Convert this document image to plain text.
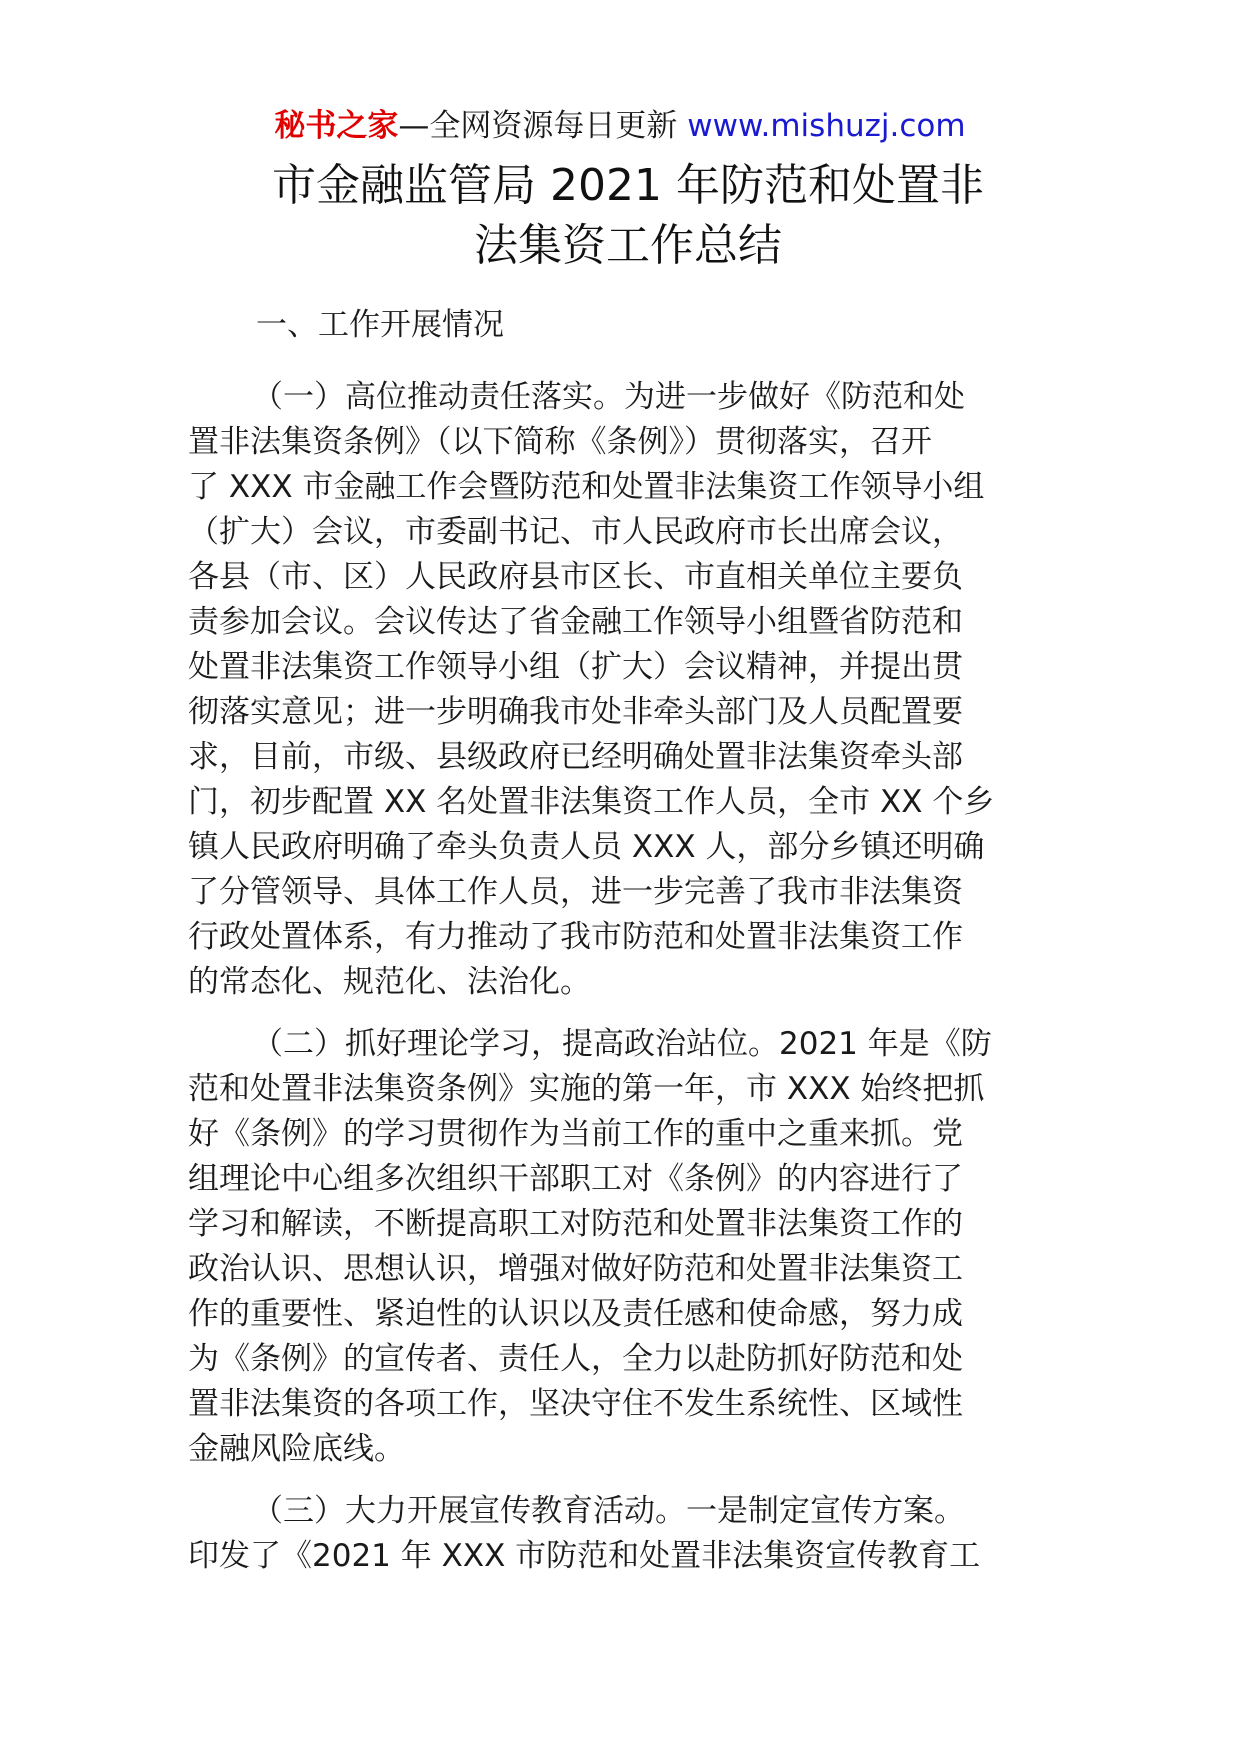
秘书之家—全网资源每日更新 www.mishuzj.com
市金融监管局 2021 年防范和处置非
法集资工作总结
一、工作开展情况
（一）高位推动责任落实。为进一步做好《防范和处
置非法集资条例》（以下简称《条例》）贯彻落实，召开
了 XXX 市金融工作会暨防范和处置非法集资工作领导小组
（扩大）会议，市委副书记、市人民政府市长出席会议，
各县（市、区）人民政府县市区长、市直相关单位主要负
责参加会议。会议传达了省金融工作领导小组暨省防范和
处置非法集资工作领导小组（扩大）会议精神，并提出贯
彻落实意见；进一步明确我市处非牵头部门及人员配置要
求，目前，市级、县级政府已经明确处置非法集资牵头部
门，初步配置 XX 名处置非法集资工作人员，全市 XX 个乡
镇人民政府明确了牵头负责人员 XXX 人，部分乡镇还明确
了分管领导、具体工作人员，进一步完善了我市非法集资
行政处置体系，有力推动了我市防范和处置非法集资工作
的常态化、规范化、法治化。
（二）抓好理论学习，提高政治站位。2021 年是《防
范和处置非法集资条例》实施的第一年，市 XXX 始终把抓
好《条例》的学习贯彻作为当前工作的重中之重来抓。党
组理论中心组多次组织干部职工对《条例》的内容进行了
学习和解读，不断提高职工对防范和处置非法集资工作的
政治认识、思想认识，增强对做好防范和处置非法集资工
作的重要性、紧迫性的认识以及责任感和使命感，努力成
为《条例》的宣传者、责任人，全力以赴防抓好防范和处
置非法集资的各项工作，坚决守住不发生系统性、区域性
金融风险底线。
（三）大力开展宣传教育活动。一是制定宣传方案。
印发了《2021 年 XXX 市防范和处置非法集资宣传教育工
